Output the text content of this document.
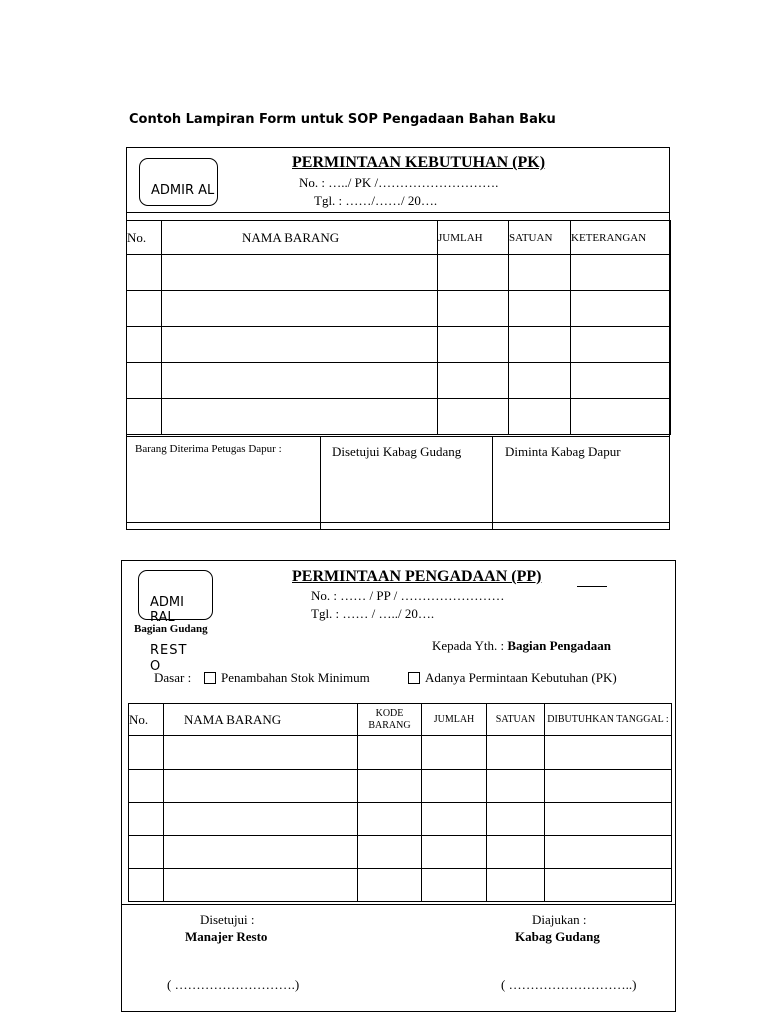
Contoh Lampiran Form untuk SOP Pengadaan Bahan Baku
ADMIR AL
PERMINTAAN KEBUTUHAN (PK)
No. : …../ PK /……………………….
Tgl. : ……/……/ 20….
No.	NAMA BARANG	JUMLAH	SATUAN	KETERANGAN

Barang Diterima Petugas Dapur :	Disetujui Kabag Gudang	Diminta Kabag Dapur
ADMI RAL
Bagian Gudang
REST O
PERMINTAAN PENGADAAN (PP)
No. : …… / PP / ……………………
Tgl. : …… / …../ 20….
Kepada Yth. : Bagian Pengadaan
Dasar :	Penambahan Stok Minimum	Adanya Permintaan Kebutuhan (PK)
No.	NAMA BARANG	KODE BARANG	JUMLAH	SATUAN	DIBUTUHKAN TANGGAL :

Disetujui :
Manajer Resto
Diajukan :
Kabag Gudang
( ……………………….)	( ………………………..)
